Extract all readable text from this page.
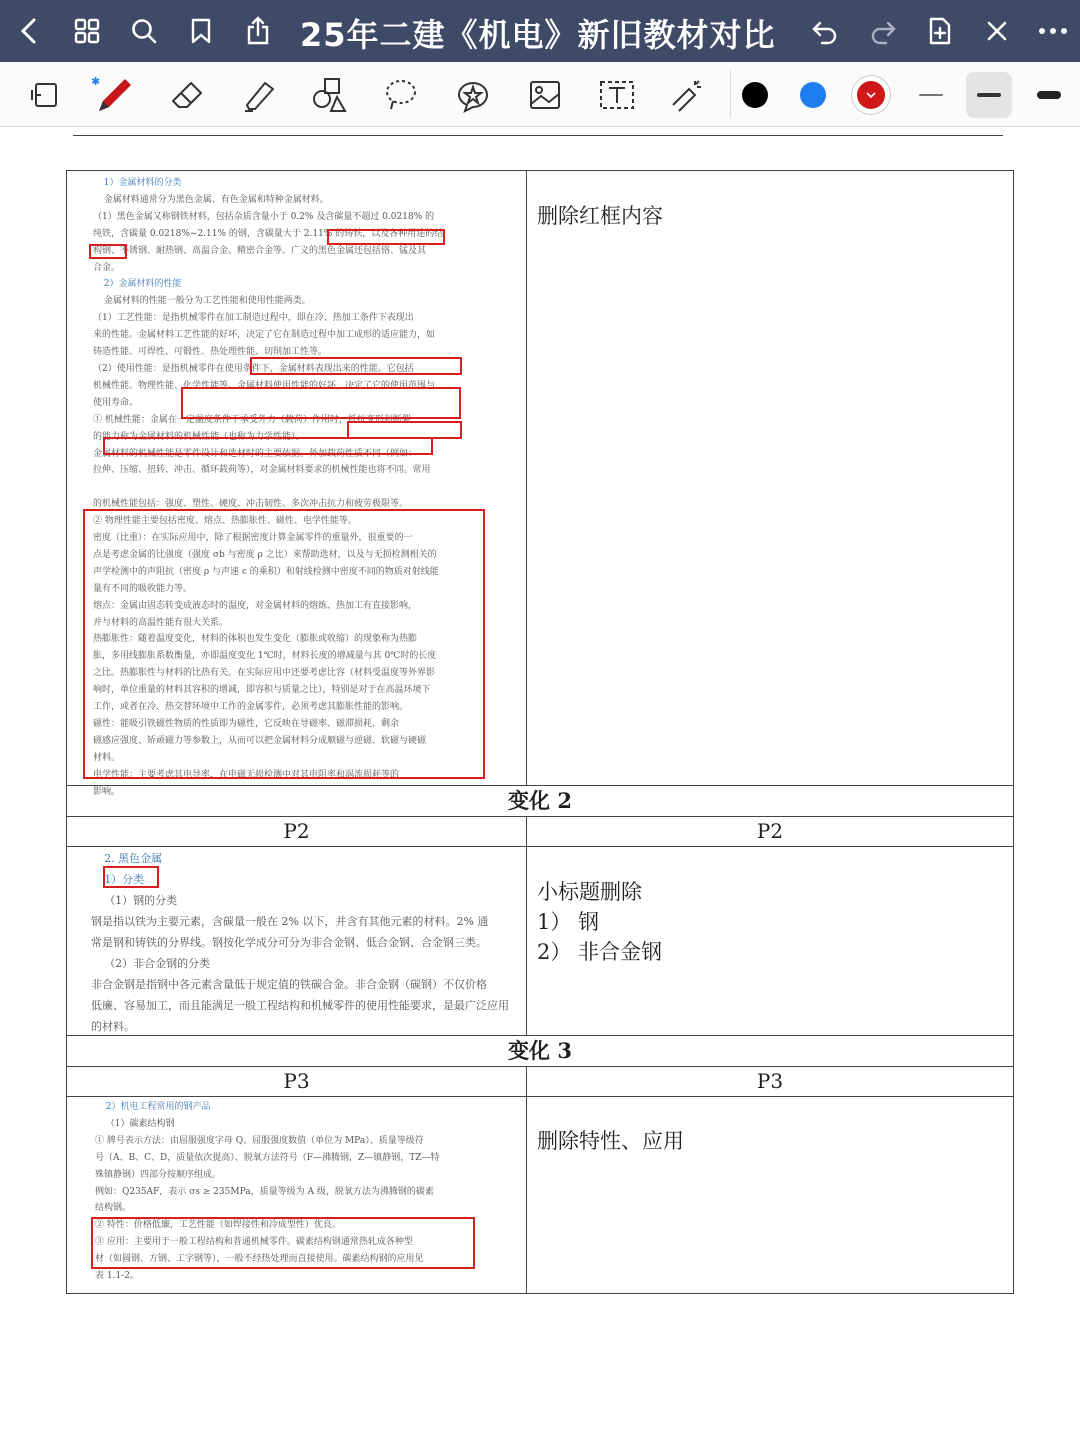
25年二建《机电》新旧教材对比
✱

1）金属材料的分类

金属材料通常分为黑色金属、有色金属和特种金属材料。

（1）黑色金属又称钢铁材料，包括杂质含量小于 0.2% 及含碳量不超过 0.0218% 的

纯铁，含碳量 0.0218%~2.11% 的钢，含碳量大于 2.11% 的铸铁，以及各种用途的结

构钢、不锈钢、耐热钢、高温合金、精密合金等。广义的黑色金属还包括铬、锰及其

合金。

2）金属材料的性能

金属材料的性能一般分为工艺性能和使用性能两类。

（1）工艺性能：是指机械零件在加工制造过程中，即在冷、热加工条件下表现出

来的性能。金属材料工艺性能的好坏，决定了它在制造过程中加工成形的适应能力，如

铸造性能、可焊性、可锻性、热处理性能、切削加工性等。

（2）使用性能：是指机械零件在使用条件下，金属材料表现出来的性能。它包括

机械性能、物理性能、化学性能等。金属材料使用性能的好坏，决定了它的使用范围与

使用寿命。

① 机械性能：金属在一定温度条件下承受外力（载荷）作用时，抵抗变形和断裂

的能力称为金属材料的机械性能（也称为力学性能）。

金属材料的机械性能是零件设计和选材时的主要依据。外加载荷性质不同（例如：

拉伸、压缩、扭转、冲击、循环载荷等），对金属材料要求的机械性能也将不同。常用

的机械性能包括：强度、塑性、硬度、冲击韧性、多次冲击抗力和疲劳极限等。

② 物理性能主要包括密度、熔点、热膨胀性、磁性、电学性能等。

密度（比重）：在实际应用中，除了根据密度计算金属零件的重量外，很重要的一

点是考虑金属的比强度（强度 σb 与密度 ρ 之比）来帮助选材，以及与无损检测相关的

声学检测中的声阻抗（密度 ρ 与声速 c 的乘积）和射线检测中密度不同的物质对射线能

量有不同的吸收能力等。

熔点：金属由固态转变成液态时的温度，对金属材料的熔炼、热加工有直接影响，

并与材料的高温性能有很大关系。

热膨胀性：随着温度变化，材料的体积也发生变化（膨胀或收缩）的现象称为热膨

胀，多用线膨胀系数衡量，亦即温度变化 1℃时，材料长度的增减量与其 0℃时的长度

之比。热膨胀性与材料的比热有关。在实际应用中还要考虑比容（材料受温度等外界影

响时，单位重量的材料其容积的增减，即容积与质量之比），特别是对于在高温环境下

工作，或者在冷、热交替环境中工作的金属零件，必须考虑其膨胀性能的影响。

磁性：能吸引铁磁性物质的性质即为磁性，它反映在导磁率、磁滞损耗、剩余

磁感应强度、矫顽磁力等参数上，从而可以把金属材料分成顺磁与逆磁、软磁与硬磁

材料。

电学性能：主要考虑其电导率，在电磁无损检测中对其电阻率和涡流损耗等的

影响。

删除红框内容
变化 2
P2	P2

2. 黑色金属

1）分类

（1）钢的分类

钢是指以铁为主要元素，含碳量一般在 2% 以下，并含有其他元素的材料。2% 通

常是钢和铸铁的分界线。钢按化学成分可分为非合金钢、低合金钢、合金钢三类。

（2）非合金钢的分类

非合金钢是指钢中各元素含量低于规定值的铁碳合金。非合金钢（碳钢）不仅价格

低廉、容易加工，而且能满足一般工程结构和机械零件的使用性能要求，是最广泛应用

的材料。

小标题删除
1） 钢
2） 非合金钢
变化 3
P3	P3

2）机电工程常用的钢产品

（1）碳素结构钢

① 牌号表示方法：由屈服强度字母 Q、屈服强度数值（单位为 MPa）、质量等级符

号（A、B、C、D，质量依次提高）、脱氧方法符号（F—沸腾钢，Z—镇静钢，TZ—特

殊镇静钢）四部分按顺序组成。

例如：Q235AF，表示 σs ≥ 235MPa，质量等级为 A 级，脱氧方法为沸腾钢的碳素

结构钢。

② 特性：价格低廉，工艺性能（如焊接性和冷成型性）优良。

③ 应用：主要用于一般工程结构和普通机械零件。碳素结构钢通常热轧成各种型

材（如圆钢、方钢、工字钢等），一般不经热处理而直接使用。碳素结构钢的应用见

表 1.1-2。

删除特性、应用
